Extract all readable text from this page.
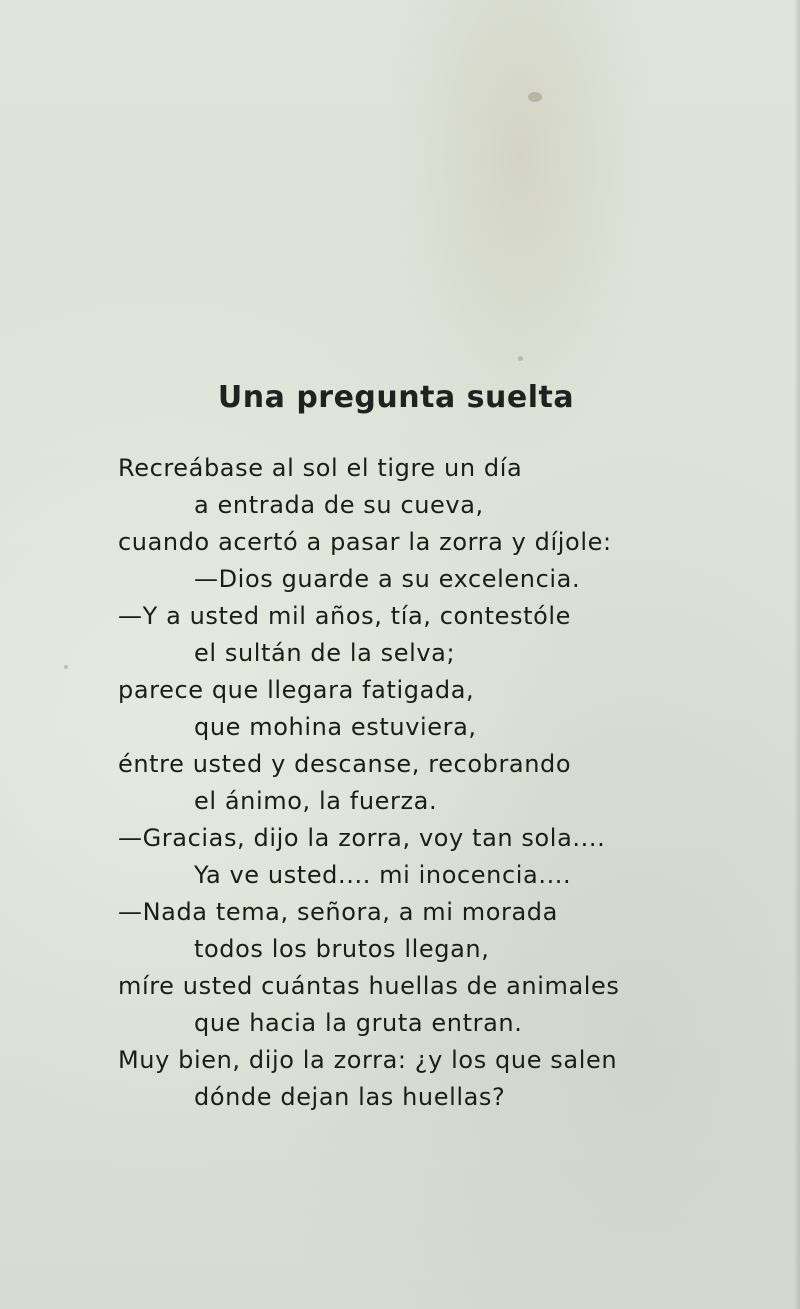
Una pregunta suelta
Recreábase al sol el tigre un día
a entrada de su cueva,
cuando acertó a pasar la zorra y díjole:
—Dios guarde a su excelencia.
—Y a usted mil años, tía, contestóle
el sultán de la selva;
parece que llegara fatigada,
que mohina estuviera,
éntre usted y descanse, recobrando
el ánimo, la fuerza.
—Gracias, dijo la zorra, voy tan sola....
Ya ve usted.... mi inocencia....
—Nada tema, señora, a mi morada
todos los brutos llegan,
míre usted cuántas huellas de animales
que hacia la gruta entran.
Muy bien, dijo la zorra: ¿y los que salen
dónde dejan las huellas?
